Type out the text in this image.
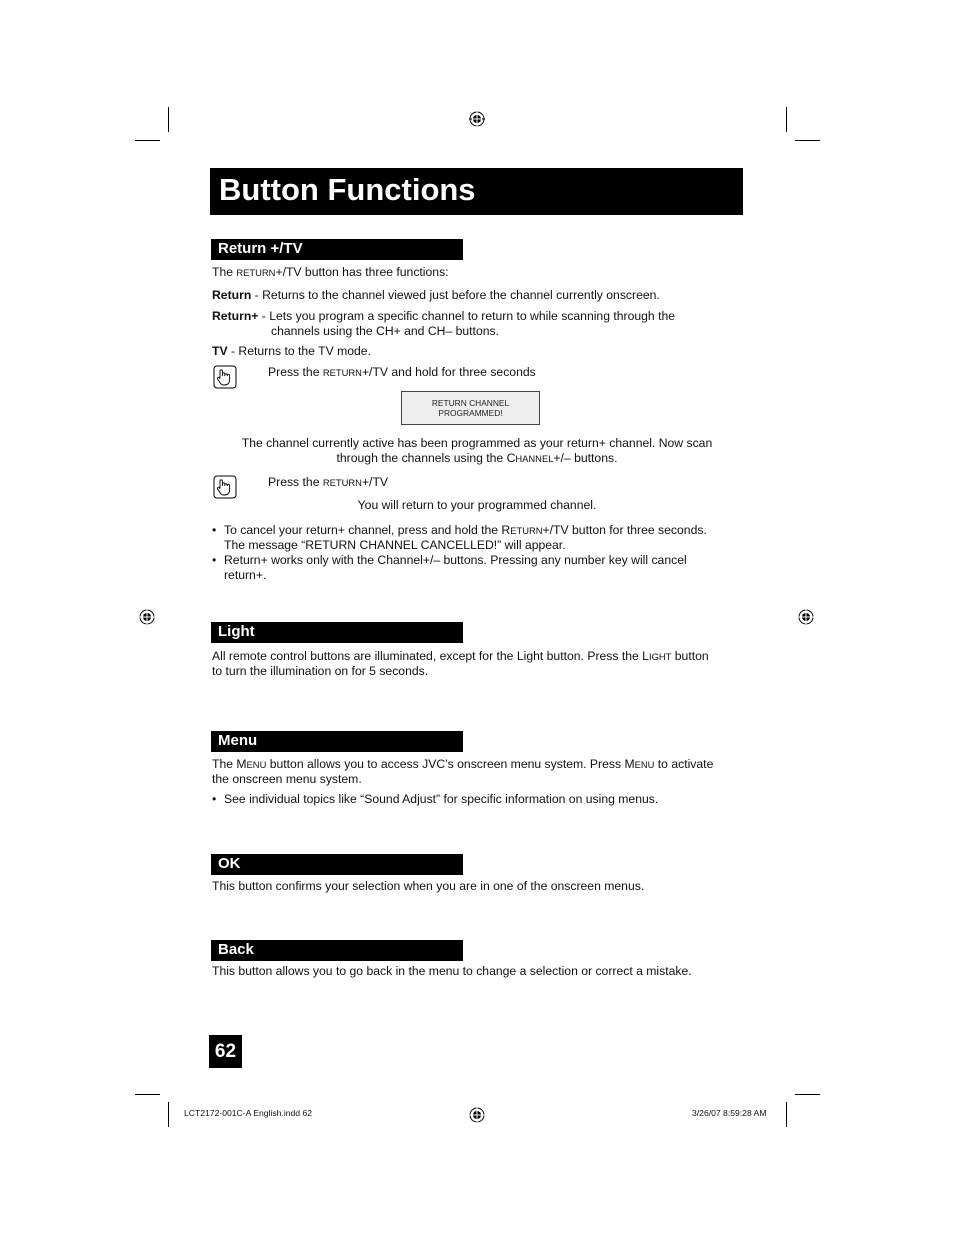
Button Functions
Return +/TV
The RETURN+/TV button has three functions:
Return - Returns to the channel viewed just before the channel currently onscreen.
Return+ - Lets you program a specific channel to return to while scanning through the
channels using the CH+ and CH– buttons.
TV - Returns to the TV mode.
Press the RETURN+/TV and hold for three seconds
RETURN CHANNEL
PROGRAMMED!
The channel currently active has been programmed as your return+ channel. Now scan
through the channels using the CHANNEL+/– buttons.
Press the RETURN+/TV
You will return to your programmed channel.
• To cancel your return+ channel, press and hold the RETURN+/TV button for three seconds.
The message “RETURN CHANNEL CANCELLED!” will appear.
• Return+ works only with the Channel+/– buttons. Pressing any number key will cancel
return+.
Light
All remote control buttons are illuminated, except for the Light button. Press the LIGHT button
to turn the illumination on for 5 seconds.
Menu
The MENU button allows you to access JVC’s onscreen menu system. Press MENU to activate
the onscreen menu system.
• See individual topics like “Sound Adjust” for specific information on using menus.
OK
This button confirms your selection when you are in one of the onscreen menus.
Back
This button allows you to go back in the menu to change a selection or correct a mistake.
62
LCT2172-001C-A English.indd 62	3/26/07 8:59:28 AM
